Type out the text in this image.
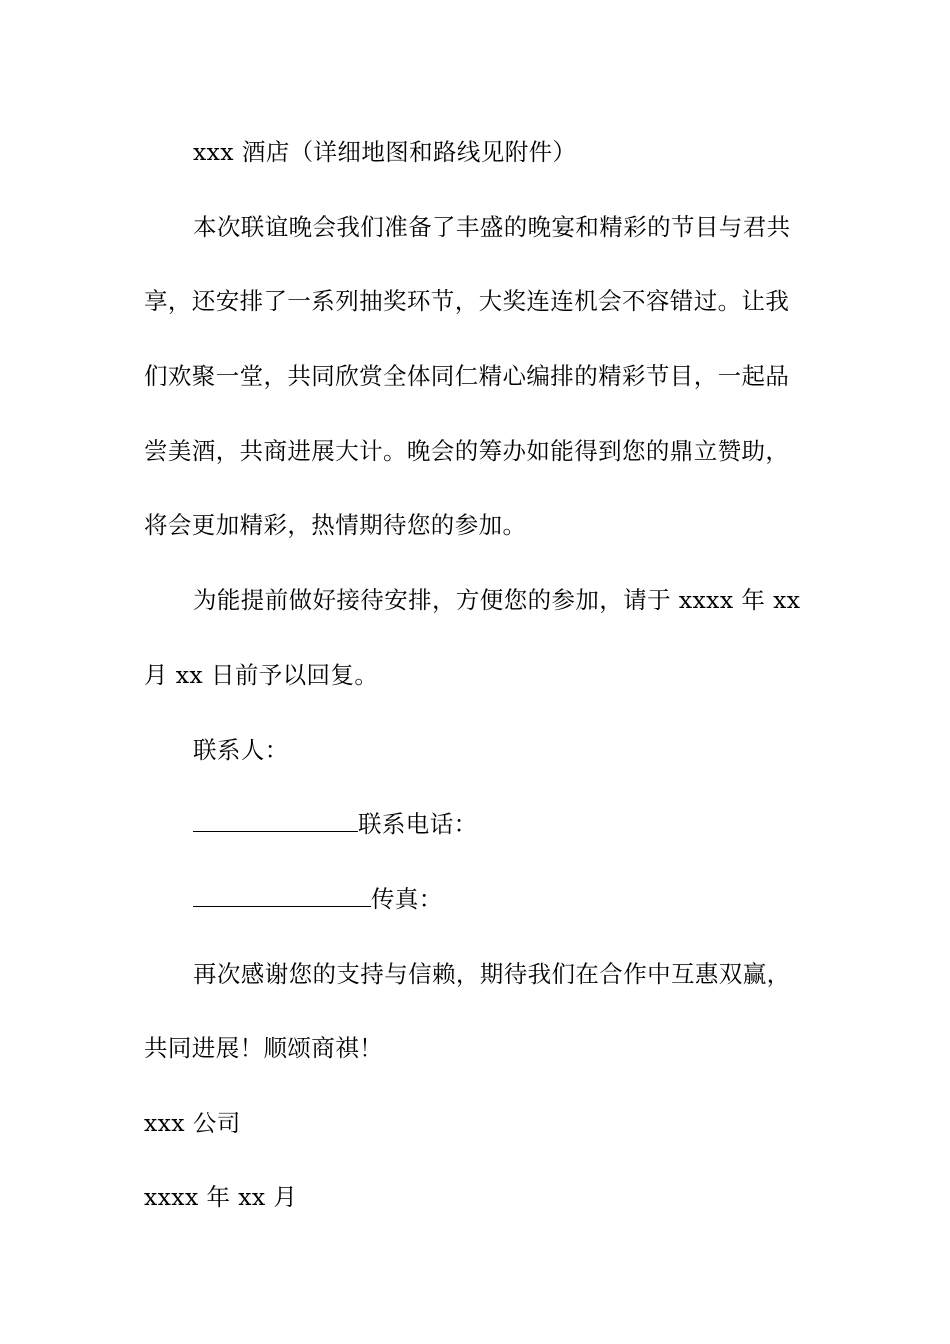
xxx 酒店（详细地图和路线见附件）
本次联谊晚会我们准备了丰盛的晚宴和精彩的节目与君共
享，还安排了一系列抽奖环节，大奖连连机会不容错过。让我
们欢聚一堂，共同欣赏全体同仁精心编排的精彩节目，一起品
尝美酒，共商进展大计。晚会的筹办如能得到您的鼎立赞助，
将会更加精彩，热情期待您的参加。
为能提前做好接待安排，方便您的参加，请于 xxxx 年 xx
月 xx 日前予以回复。
联系人：
联系电话：
传真：
再次感谢您的支持与信赖，期待我们在合作中互惠双赢，
共同进展！顺颂商祺！
xxx 公司
xxxx 年 xx 月
